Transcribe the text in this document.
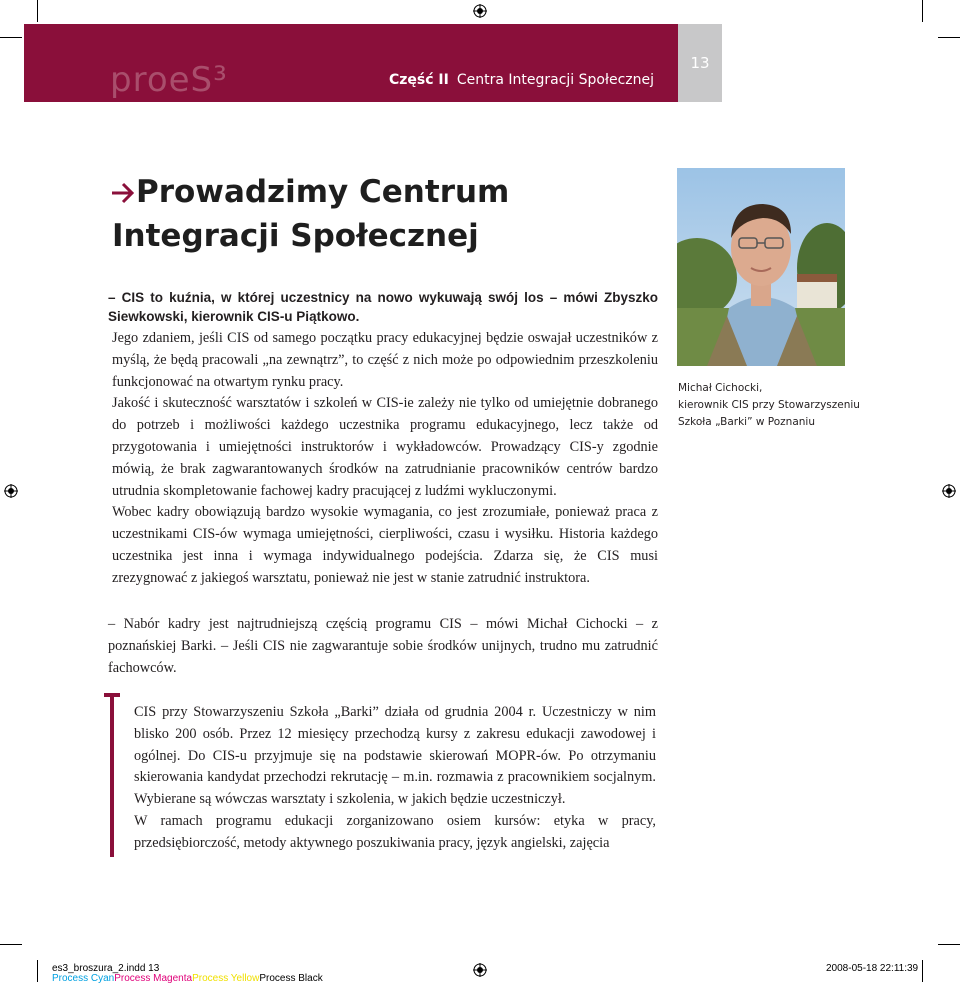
proeS³	Część II Centra Integracji Społecznej
13
Prowadzimy Centrum Integracji Społecznej
– CIS to kuźnia, w której uczestnicy na nowo wykuwają swój los – mówi Zbyszko Siewkowski, kierownik CIS-u Piątkowo.

Jego zdaniem, jeśli CIS od samego początku pracy edukacyjnej będzie oswajał uczestników z myślą, że będą pracowali „na zewnątrz”, to część z nich może po odpowiednim przeszkoleniu funkcjonować na otwartym rynku pracy.

Jakość i skuteczność warsztatów i szkoleń w CIS-ie zależy nie tylko od umiejętnie dobranego do potrzeb i możliwości każdego uczestnika programu edukacyjnego, lecz także od przygotowania i umiejętności instruktorów i wykładowców. Prowadzący CIS-y zgodnie mówią, że brak zagwarantowanych środków na zatrudnianie pracowników centrów bardzo utrudnia skompletowanie fachowej kadry pracującej z ludźmi wykluczonymi.

Wobec kadry obowiązują bardzo wysokie wymagania, co jest zrozumiałe, ponieważ praca z uczestnikami CIS-ów wymaga umiejętności, cierpliwości, czasu i wysiłku. Historia każdego uczestnika jest inna i wymaga indywidualnego podejścia. Zdarza się, że CIS musi zrezygnować z jakiegoś warsztatu, ponieważ nie jest w stanie zatrudnić instruktora.

– Nabór kadry jest najtrudniejszą częścią programu CIS – mówi Michał Cichocki – z poznańskiej Barki. – Jeśli CIS nie zagwarantuje sobie środków unijnych, trudno mu zatrudnić fachowców.

CIS przy Stowarzyszeniu Szkoła „Barki” działa od grudnia 2004 r. Uczestniczy w nim blisko 200 osób. Przez 12 miesięcy przechodzą kursy z zakresu edukacji zawodowej i ogólnej. Do CIS-u przyjmuje się na podstawie skierowań MOPR-ów. Po otrzymaniu skierowania kandydat przechodzi rekrutację – m.in. rozmawia z pracownikiem socjalnym. Wybierane są wówczas warsztaty i szkolenia, w jakich będzie uczestniczył.

W ramach programu edukacji zorganizowano osiem kursów: etyka w pracy, przedsiębiorczość, metody aktywnego poszukiwania pracy, język angielski, zajęcia

Michał Cichocki,
kierownik CIS przy Stowarzyszeniu
Szkoła „Barki” w Poznaniu
es3_broszura_2.indd 13
Process CyanProcess MagentaProcess YellowProcess Black
2008-05-18 22:11:39
